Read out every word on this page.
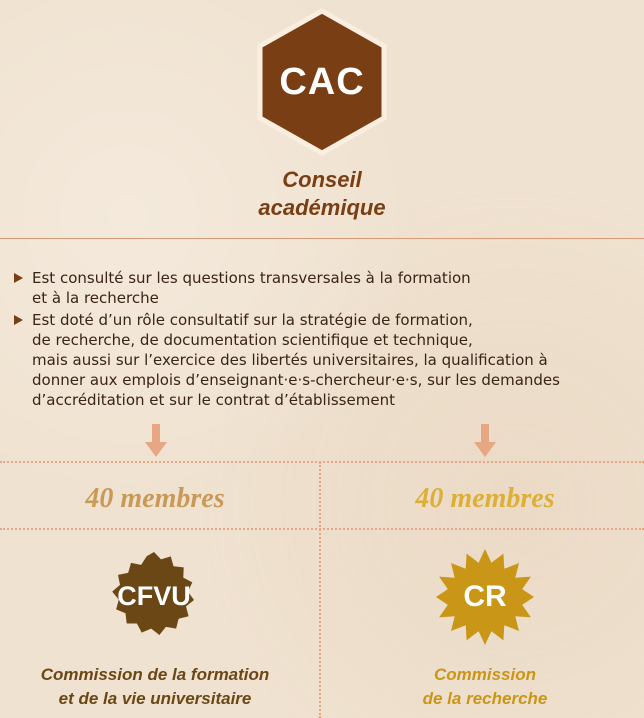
CAC
Conseil
académique
Est consulté sur les questions transversales à la formation
et à la recherche
Est doté d’un rôle consultatif sur la stratégie de formation,
de recherche, de documentation scientifique et technique,
mais aussi sur l’exercice des libertés universitaires, la qualification à
donner aux emplois d’enseignant·e·s-chercheur·e·s, sur les demandes
d’accréditation et sur le contrat d’établissement
40 membres	40 membres
CFVU	CR
Commission de la formation
et de la vie universitaire
Commission
de la recherche
